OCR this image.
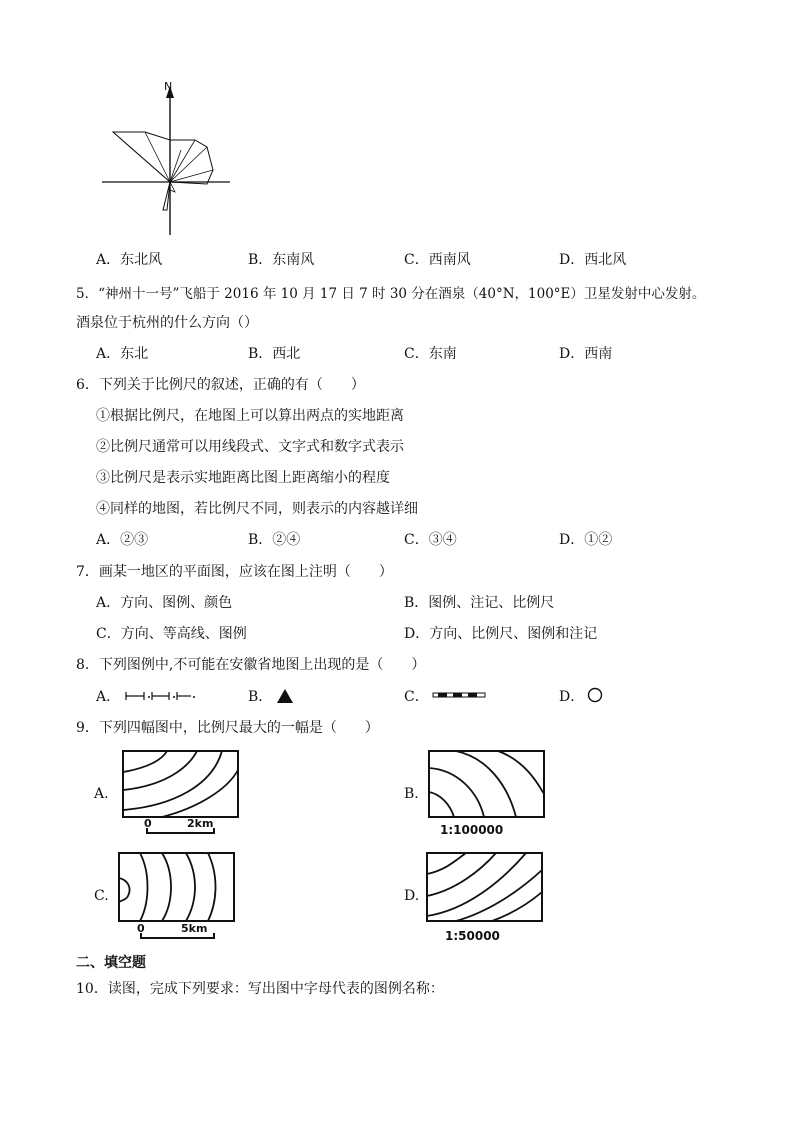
N
A．东北风	B．东南风	C．西南风	D．西北风
5．“神州十一号”飞船于 2016 年 10 月 17 日 7 时 30 分在酒泉（40°N，100°E）卫星发射中心发射。
酒泉位于杭州的什么方向（）
A．东北	B．西北	C．东南	D．西南
6．下列关于比例尺的叙述，正确的有（　　）
①根据比例尺，在地图上可以算出两点的实地距离
②比例尺通常可以用线段式、文字式和数字式表示
③比例尺是表示实地距离比图上距离缩小的程度
④同样的地图，若比例尺不同，则表示的内容越详细
A．②③	B．②④	C．③④	D．①②
7．画某一地区的平面图，应该在图上注明（　　）
A．方向、图例、颜色	B．图例、注记、比例尺
C．方向、等高线、图例	D．方向、比例尺、图例和注记
8．下列图例中,不可能在安徽省地图上出现的是（　　）
A．	B．	C．	D．
9．下列四幅图中，比例尺最大的一幅是（　　）
A.
0	2km
B.
1:100000
C.
0	5km
D.
1:50000
二、填空题
10．读图，完成下列要求：写出图中字母代表的图例名称：
